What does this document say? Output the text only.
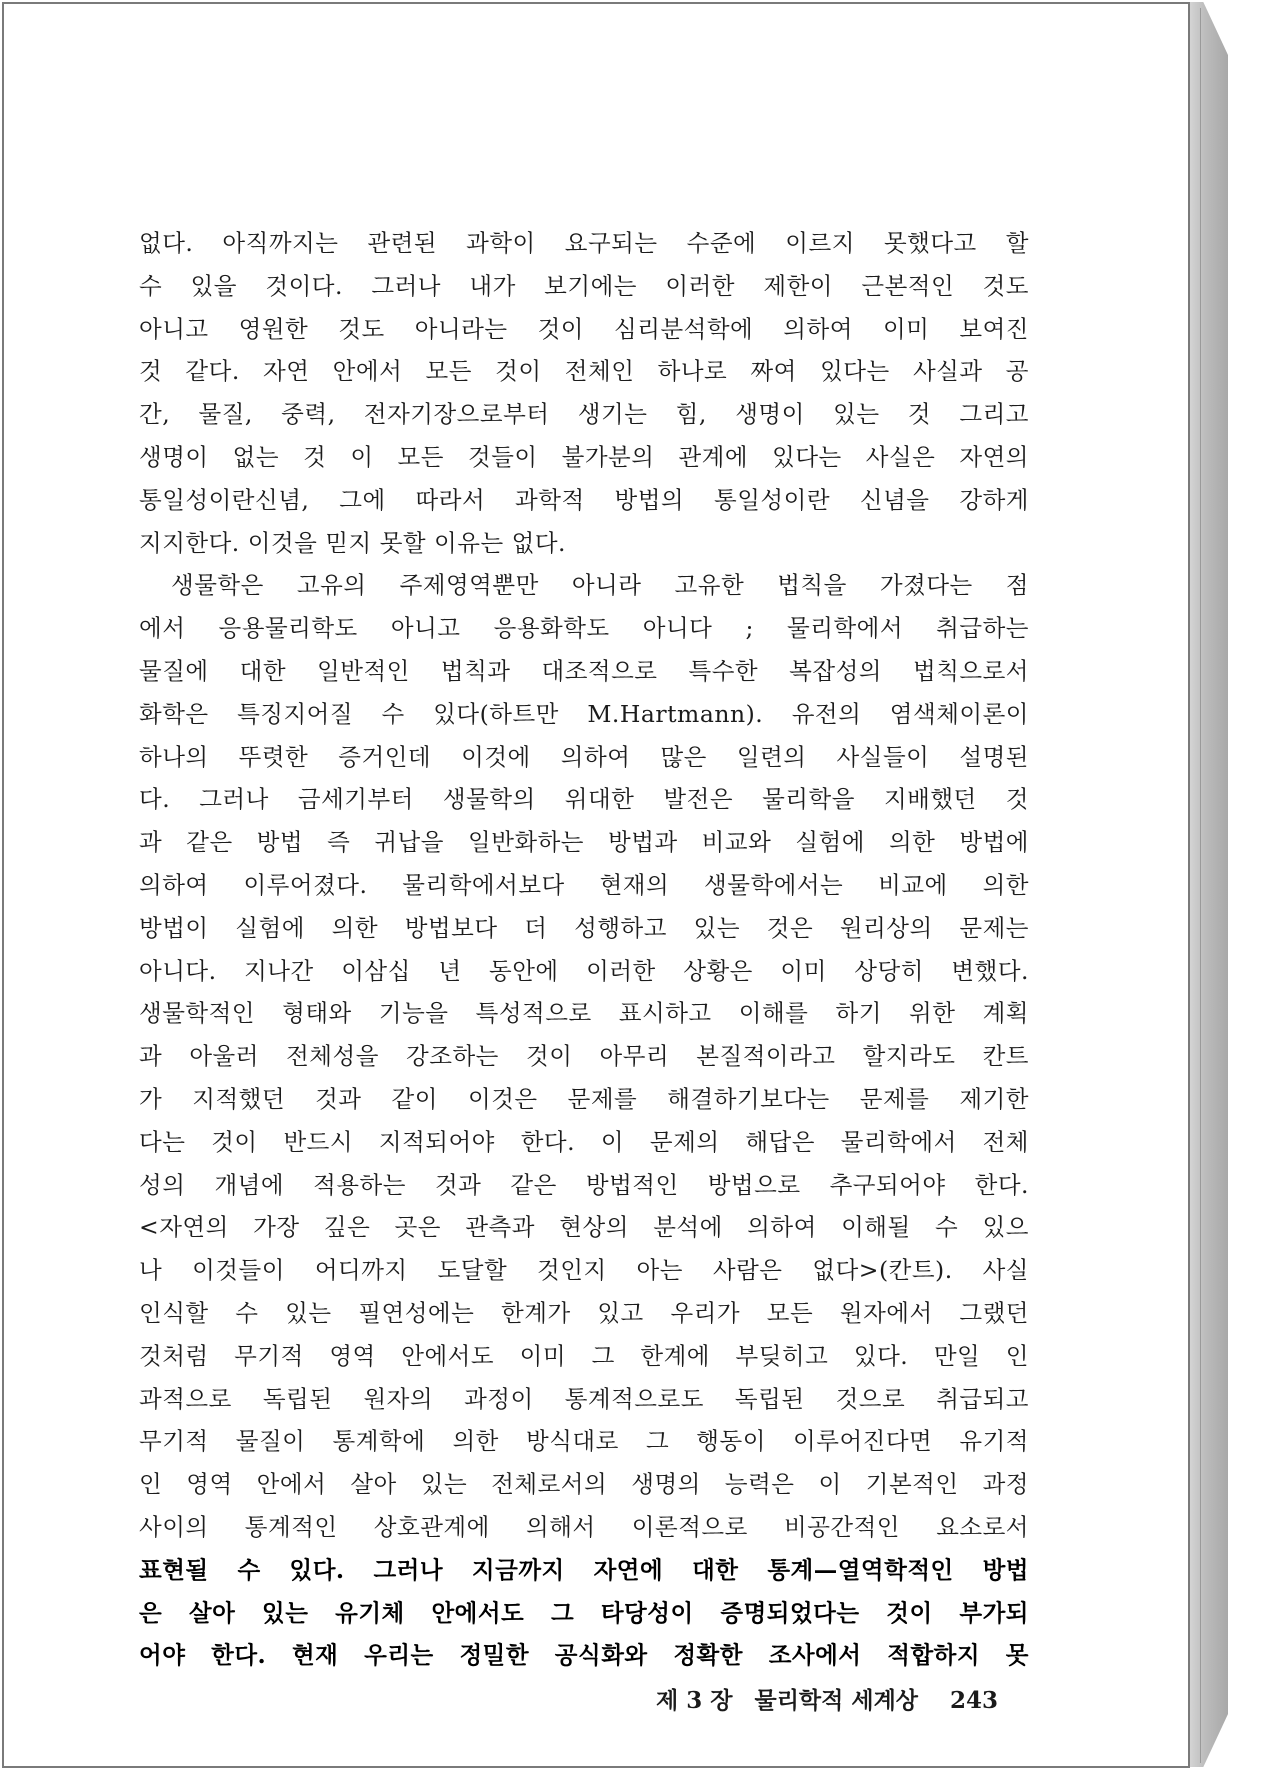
없다. 아직까지는 관련된 과학이 요구되는 수준에 이르지 못했다고 할
수 있을 것이다. 그러나 내가 보기에는 이러한 제한이 근본적인 것도
아니고 영원한 것도 아니라는 것이 심리분석학에 의하여 이미 보여진
것 같다. 자연 안에서 모든 것이 전체인 하나로 짜여 있다는 사실과 공
간, 물질, 중력, 전자기장으로부터 생기는 힘, 생명이 있는 것 그리고
생명이 없는 것 이 모든 것들이 불가분의 관계에 있다는 사실은 자연의
통일성이란신념, 그에 따라서 과학적 방법의 통일성이란 신념을 강하게
지지한다. 이것을 믿지 못할 이유는 없다.
생물학은 고유의 주제영역뿐만 아니라 고유한 법칙을 가졌다는 점
에서 응용물리학도 아니고 응용화학도 아니다 ; 물리학에서 취급하는
물질에 대한 일반적인 법칙과 대조적으로 특수한 복잡성의 법칙으로서
화학은 특징지어질 수 있다(하트만 M.Hartmann). 유전의 염색체이론이
하나의 뚜렷한 증거인데 이것에 의하여 많은 일련의 사실들이 설명된
다. 그러나 금세기부터 생물학의 위대한 발전은 물리학을 지배했던 것
과 같은 방법 즉 귀납을 일반화하는 방법과 비교와 실험에 의한 방법에
의하여 이루어졌다. 물리학에서보다 현재의 생물학에서는 비교에 의한
방법이 실험에 의한 방법보다 더 성행하고 있는 것은 원리상의 문제는
아니다. 지나간 이삼십 년 동안에 이러한 상황은 이미 상당히 변했다.
생물학적인 형태와 기능을 특성적으로 표시하고 이해를 하기 위한 계획
과 아울러 전체성을 강조하는 것이 아무리 본질적이라고 할지라도 칸트
가 지적했던 것과 같이 이것은 문제를 해결하기보다는 문제를 제기한
다는 것이 반드시 지적되어야 한다. 이 문제의 해답은 물리학에서 전체
성의 개념에 적용하는 것과 같은 방법적인 방법으로 추구되어야 한다.
<자연의 가장 깊은 곳은 관측과 현상의 분석에 의하여 이해될 수 있으
나 이것들이 어디까지 도달할 것인지 아는 사람은 없다>(칸트). 사실
인식할 수 있는 필연성에는 한계가 있고 우리가 모든 원자에서 그랬던
것처럼 무기적 영역 안에서도 이미 그 한계에 부딪히고 있다. 만일 인
과적으로 독립된 원자의 과정이 통계적으로도 독립된 것으로 취급되고
무기적 물질이 통계학에 의한 방식대로 그 행동이 이루어진다면 유기적
인 영역 안에서 살아 있는 전체로서의 생명의 능력은 이 기본적인 과정
사이의 통계적인 상호관계에 의해서 이론적으로 비공간적인 요소로서
표현될 수 있다. 그러나 지금까지 자연에 대한 통계—열역학적인 방법
은 살아 있는 유기체 안에서도 그 타당성이 증명되었다는 것이 부가되
어야 한다. 현재 우리는 정밀한 공식화와 정확한 조사에서 적합하지 못
제 3 장 물리학적 세계상 243
